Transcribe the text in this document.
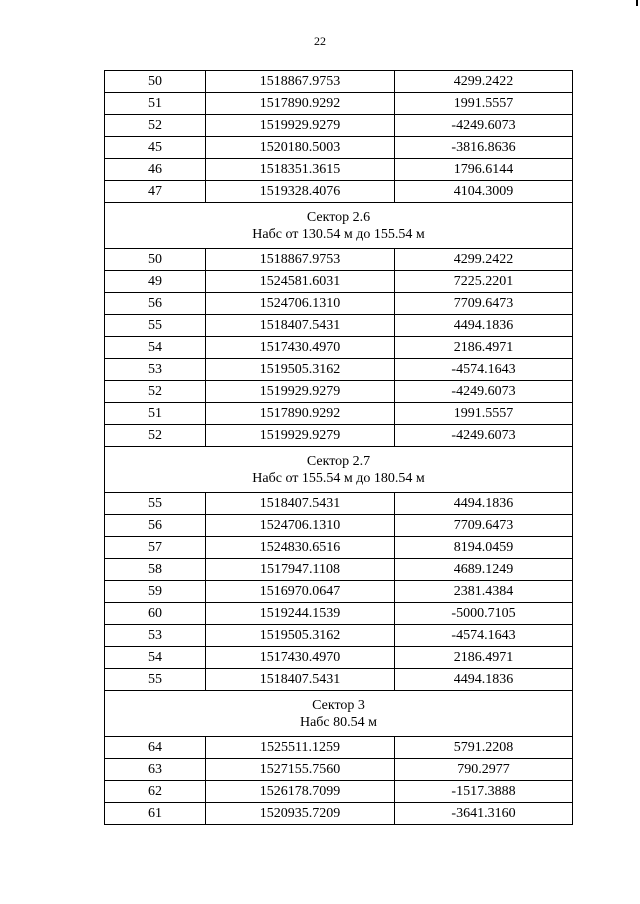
22
50	1518867.9753	4299.2422
51	1517890.9292	1991.5557
52	1519929.9279	-4249.6073
45	1520180.5003	-3816.8636
46	1518351.3615	1796.6144
47	1519328.4076	4104.3009

Сектор 2.6
Набс от 130.54 м до 155.54 м		

50	1518867.9753	4299.2422
49	1524581.6031	7225.2201
56	1524706.1310	7709.6473
55	1518407.5431	4494.1836
54	1517430.4970	2186.4971
53	1519505.3162	-4574.1643
52	1519929.9279	-4249.6073
51	1517890.9292	1991.5557
52	1519929.9279	-4249.6073

Сектор 2.7
Набс от 155.54 м до 180.54 м		

55	1518407.5431	4494.1836
56	1524706.1310	7709.6473
57	1524830.6516	8194.0459
58	1517947.1108	4689.1249
59	1516970.0647	2381.4384
60	1519244.1539	-5000.7105
53	1519505.3162	-4574.1643
54	1517430.4970	2186.4971
55	1518407.5431	4494.1836

Сектор 3
Набс 80.54 м		

64	1525511.1259	5791.2208
63	1527155.7560	790.2977
62	1526178.7099	-1517.3888
61	1520935.7209	-3641.3160
